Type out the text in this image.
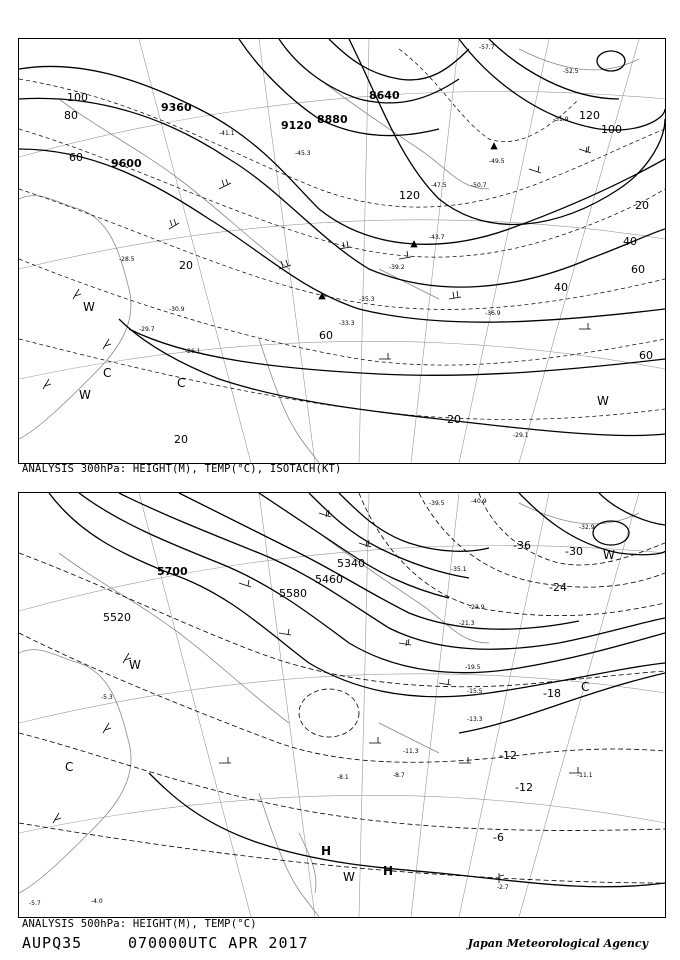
9360
9120
9600
8880
8640
20
40
60
80
100
120
20
20
60
60
60
20
40
120
100
-57.7
-52.5
-51.9
-49.5
-45.3
-41.1
-39.2
-35.3
-33.3
-30.9
-29.7
-28.5
-26.1
-29.1
-36.9
-43.7
-47.5	-50.7
C
C
W
W	W
ANALYSIS 300hPa: HEIGHT(M), TEMP(°C), ISOTACH(KT)
5700
5520
5460
5340
5580
-36	-30
-24
-18
-12
-12
-6
-39.5	-40.9
-35.1
-32.9
-23.9
-21.3
-19.5
-15.5
-13.3
-11.3
-11.1
-8.7
-8.1
-5.3
-2.7
-4.0
-5.7
C
C
W
W
H
H
W
ANALYSIS 500hPa: HEIGHT(M), TEMP(°C)
AUPQ35	070000UTC APR 2017	Japan Meteorological Agency
